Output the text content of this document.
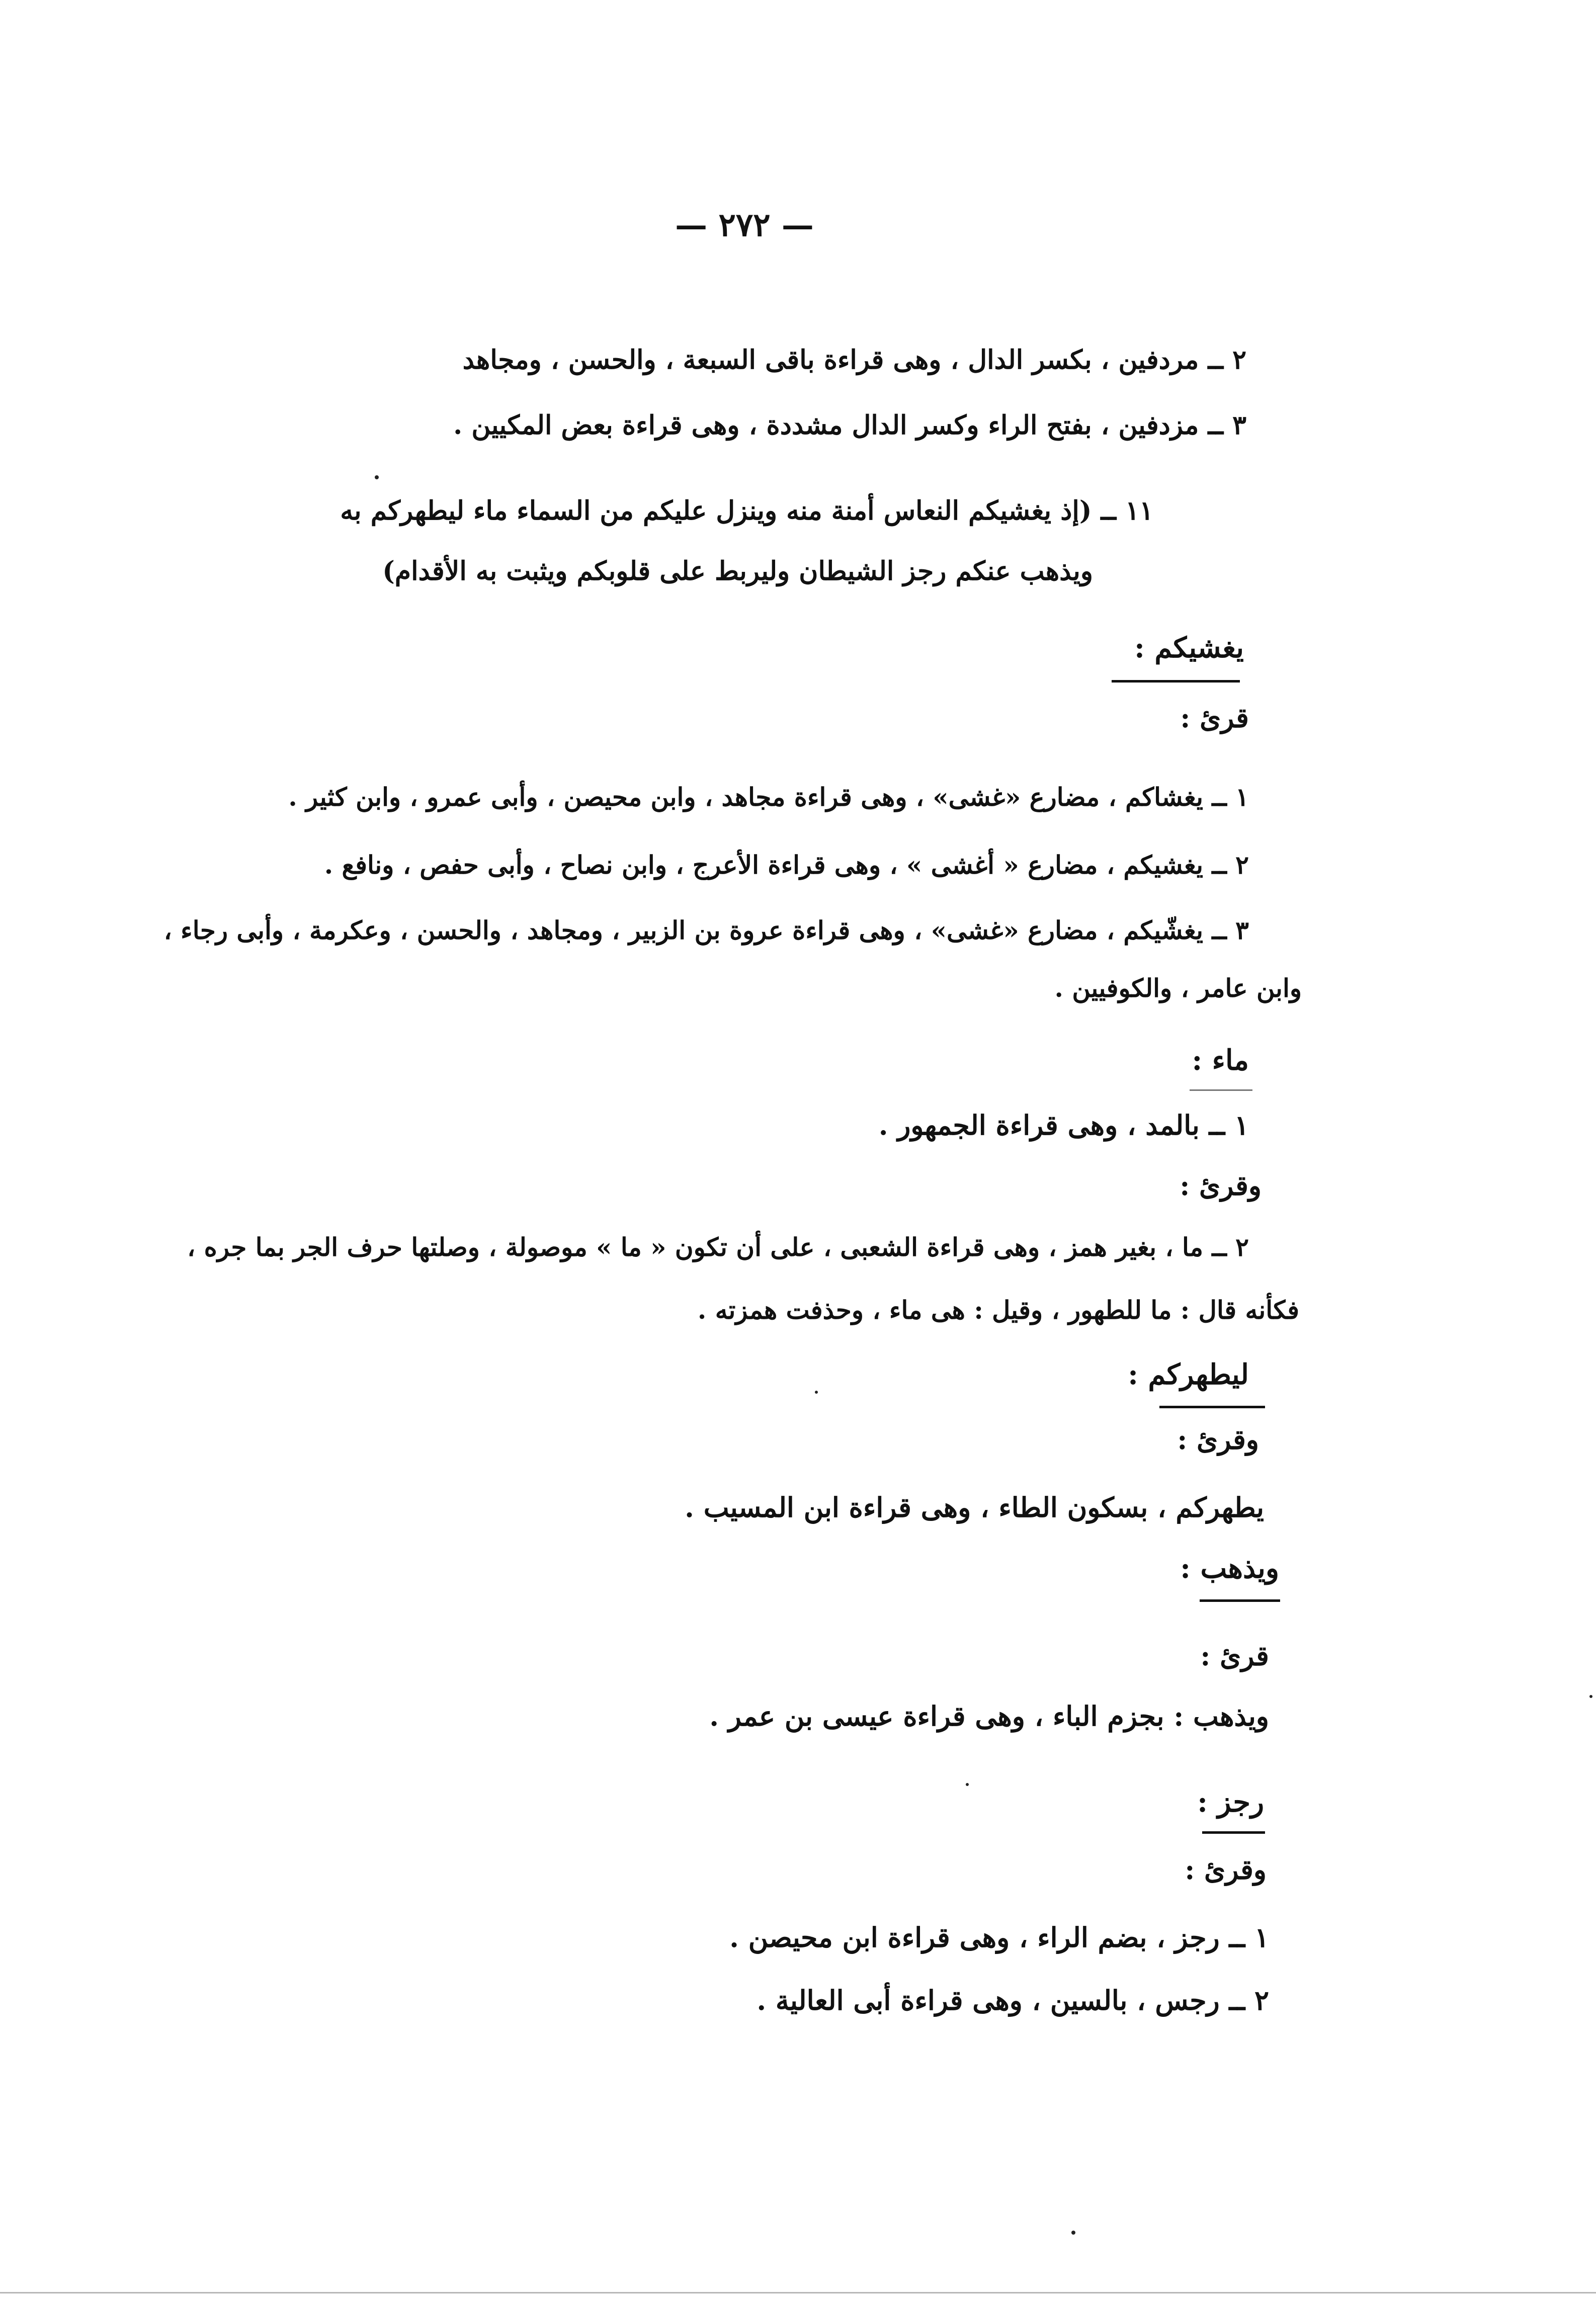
— ٢٧٢ —
٢ ــ مردفين ، بكسر الدال ، وهى قراءة باقى السبعة ، والحسن ، ومجاهد
٣ ــ مزدفين ، بفتح الراء وكسر الدال مشددة ، وهى قراءة بعض المكيين .
١١ ــ (إذ يغشيكم النعاس أمنة منه وينزل عليكم من السماء ماء ليطهركم به
ويذهب عنكم رجز الشيطان وليربط على قلوبكم ويثبت به الأقدام)
يغشيكم :
قرئ :
١ ــ يغشاكم ، مضارع «غشى» ، وهى قراءة مجاهد ، وابن محيصن ، وأبى عمرو ، وابن كثير .
٢ ــ يغشيكم ، مضارع « أغشى » ، وهى قراءة الأعرج ، وابن نصاح ، وأبى حفص ، ونافع .
٣ ــ يغشّيكم ، مضارع «غشى» ، وهى قراءة عروة بن الزبير ، ومجاهد ، والحسن ، وعكرمة ، وأبى رجاء ،
وابن عامر ، والكوفيين .
ماء :
١ ــ بالمد ، وهى قراءة الجمهور .
وقرئ :
٢ ــ ما ، بغير همز ، وهى قراءة الشعبى ، على أن تكون « ما » موصولة ، وصلتها حرف الجر بما جره ،
فكأنه قال : ما للطهور ، وقيل : هى ماء ، وحذفت همزته .
ليطهركم :
وقرئ :
يطهركم ، بسكون الطاء ، وهى قراءة ابن المسيب .
ويذهب :
قرئ :
ويذهب : بجزم الباء ، وهى قراءة عيسى بن عمر .
رجز :
وقرئ :
١ ــ رجز ، بضم الراء ، وهى قراءة ابن محيصن .
٢ ــ رجس ، بالسين ، وهى قراءة أبى العالية .
